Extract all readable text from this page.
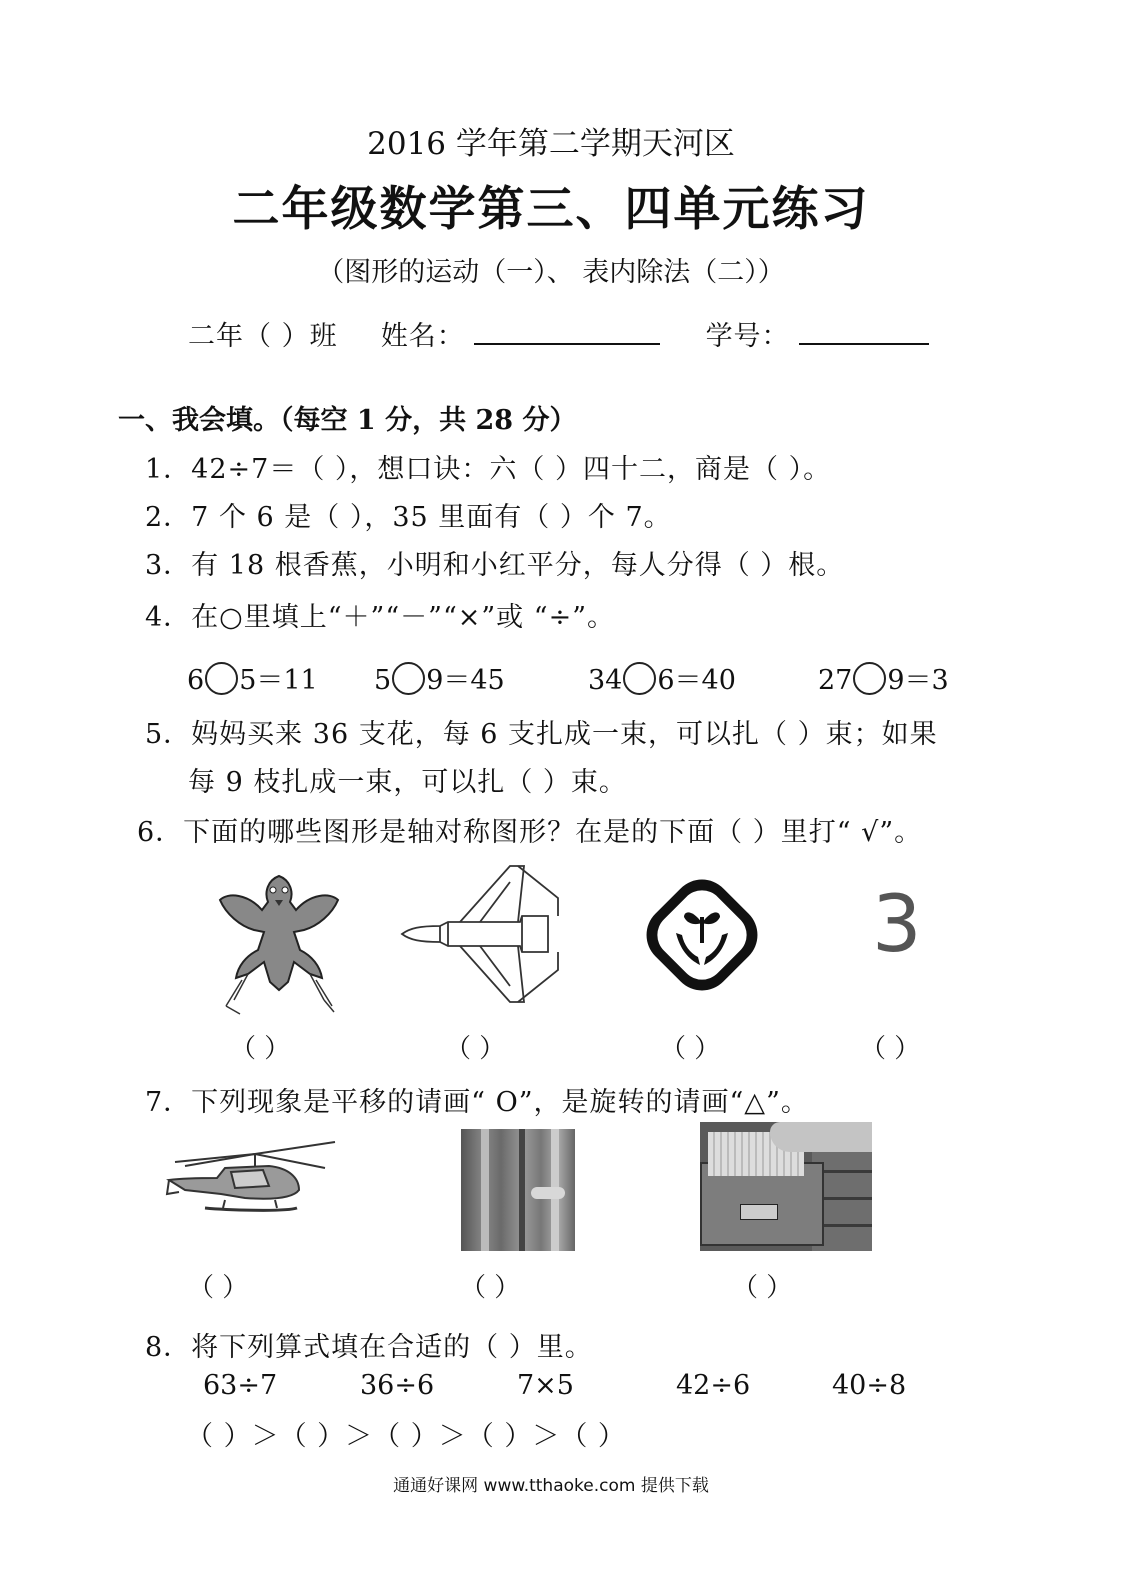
2016 学年第二学期天河区
二年级数学第三、四单元练习
（图形的运动（一）、 表内除法（二））
二年（ ）班 姓名：	学号：
一、我会填。（每空 1 分，共 28 分）
1．42÷7＝（ ），想口诀：六（ ）四十二，商是（ ）。
2．7 个 6 是（ ），35 里面有（ ）个 7。
3．有 18 根香蕉，小明和小红平分，每人分得（ ）根。
4．在○里填上“＋”“－”“×”或 “÷”。
6 5＝11 5 9＝45	34 6＝40	27 9＝3
5．妈妈买来 36 支花，每 6 支扎成一束，可以扎（ ）束；如果
每 9 枝扎成一束，可以扎（ ）束。
6．下面的哪些图形是轴对称图形？在是的下面（ ）里打“ √”。
3
（ ）	（ ）	（ ）	（ ）
7．下列现象是平移的请画“ O”，是旋转的请画“△”。
（ ）	（ ）	（ ）
8．将下列算式填在合适的（ ）里。
63÷7	36÷6	7×5	42÷6	40÷8
（ ）＞（ ）＞（ ）＞（ ）＞（ ）
通通好课网 www.tthaoke.com 提供下载
